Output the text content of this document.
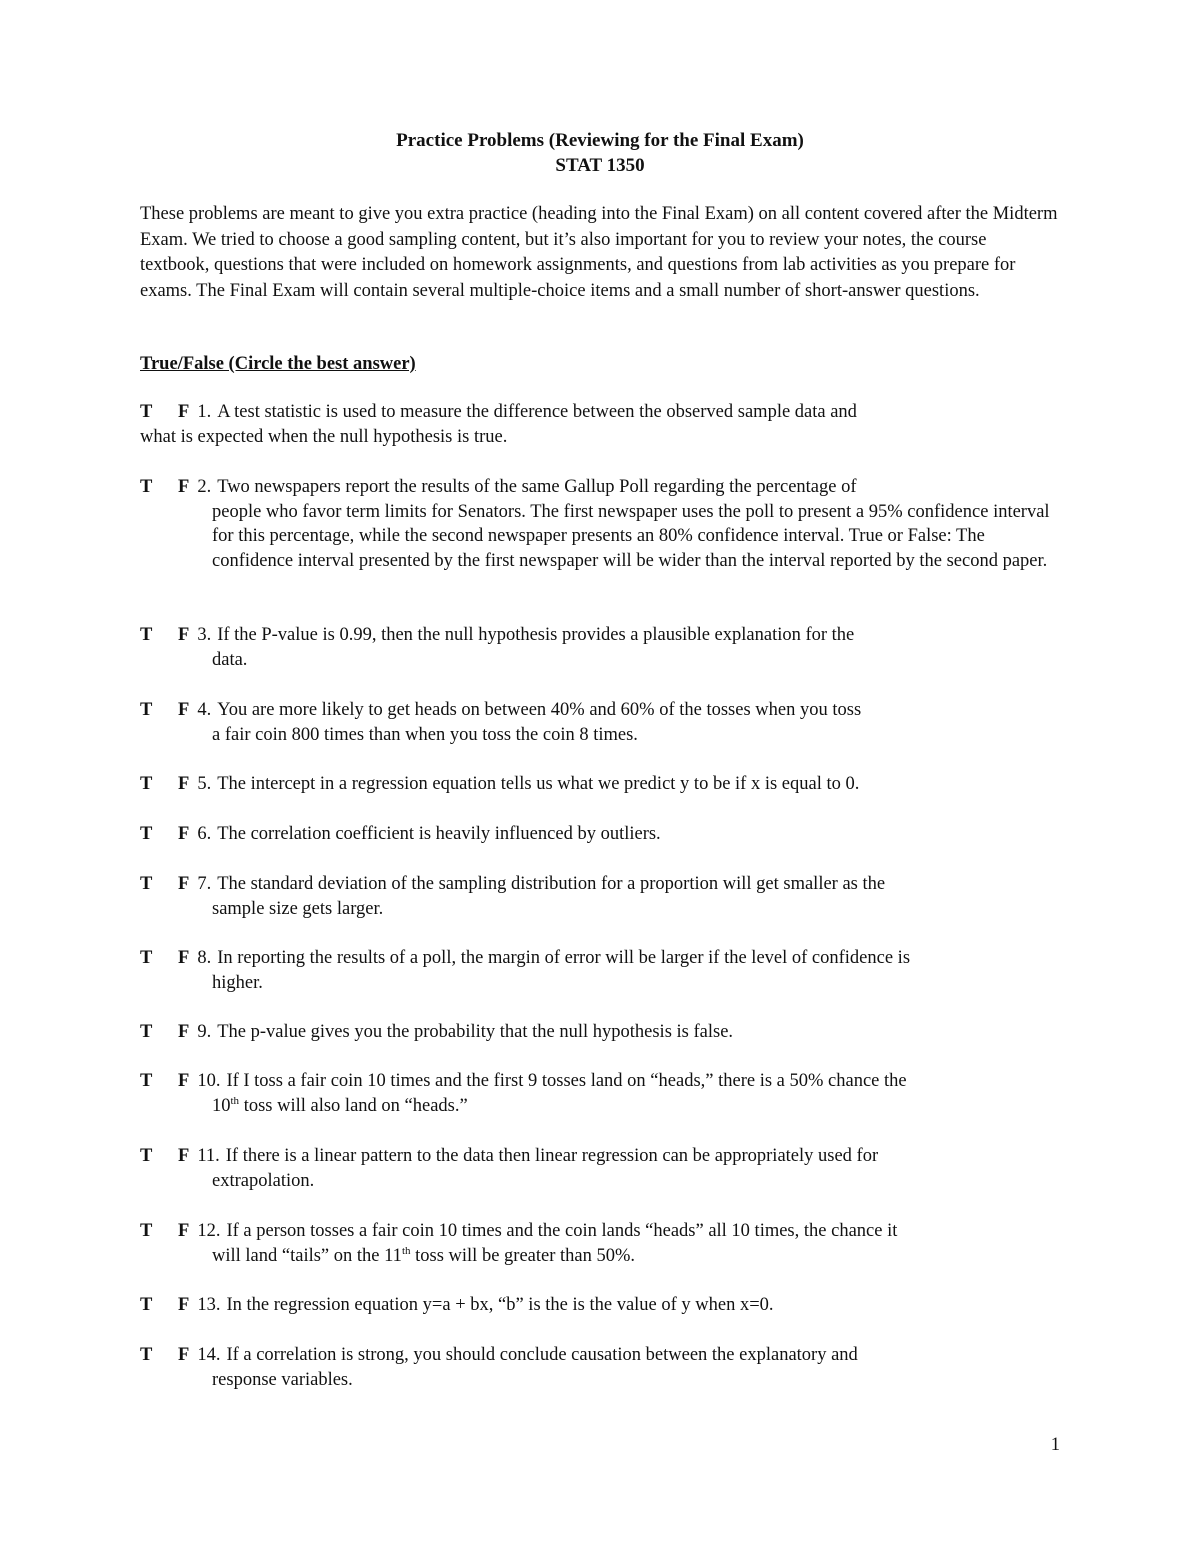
Practice Problems (Reviewing for the Final Exam)
STAT 1350

These problems are meant to give you extra practice (heading into the Final Exam) on all content covered after the Midterm Exam. We tried to choose a good sampling content, but it’s also important for you to review your notes, the course textbook, questions that were included on homework assignments, and questions from lab activities as you prepare for exams. The Final Exam will contain several multiple-choice items and a small number of short-answer questions.

True/False (Circle the best answer)
T F 1. A test statistic is used to measure the difference between the observed sample data and
what is expected when the null hypothesis is true.
T F 2. Two newspapers report the results of the same Gallup Poll regarding the percentage of
people who favor term limits for Senators. The first newspaper uses the poll to present a 95% confidence interval for this percentage, while the second newspaper presents an 80% confidence interval. True or False: The confidence interval presented by the first newspaper will be wider than the interval reported by the second paper.
T F 3. If the P-value is 0.99, then the null hypothesis provides a plausible explanation for the
data.
T F 4. You are more likely to get heads on between 40% and 60% of the tosses when you toss
a fair coin 800 times than when you toss the coin 8 times.
T F 5. The intercept in a regression equation tells us what we predict y to be if x is equal to 0.
T F 6. The correlation coefficient is heavily influenced by outliers.
T F 7. The standard deviation of the sampling distribution for a proportion will get smaller as the
sample size gets larger.
T F 8. In reporting the results of a poll, the margin of error will be larger if the level of confidence is
higher.
T F 9. The p-value gives you the probability that the null hypothesis is false.
T F 10. If I toss a fair coin 10 times and the first 9 tosses land on “heads,” there is a 50% chance the
10th toss will also land on “heads.”
T F 11. If there is a linear pattern to the data then linear regression can be appropriately used for
extrapolation.
T F 12. If a person tosses a fair coin 10 times and the coin lands “heads” all 10 times, the chance it
will land “tails” on the 11th toss will be greater than 50%.
T F 13. In the regression equation y=a + bx, “b” is the is the value of y when x=0.
T F 14. If a correlation is strong, you should conclude causation between the explanatory and
response variables.
1
